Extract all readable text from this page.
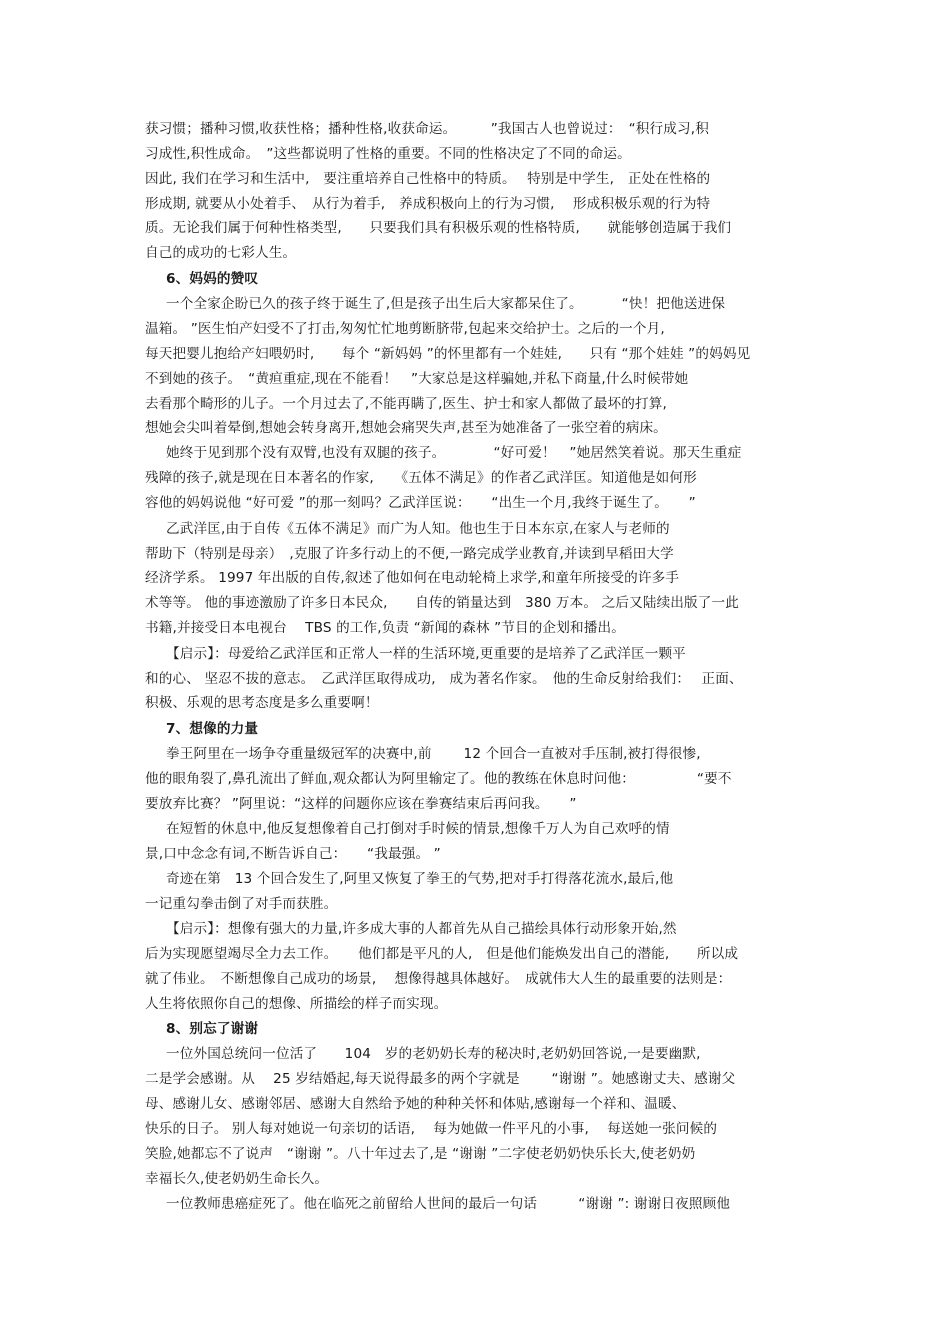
获习惯；播种习惯,收获性格；播种性格,收获命运。　　　”我国古人也曾说过：　“积行成习,积
习成性,积性成命。　”这些都说明了性格的重要。不同的性格决定了不同的命运。
因此, 我们在学习和生活中,　要注重培养自己性格中的特质。　 特别是中学生,　正处在性格的
形成期, 就要从小处着手、　从行为着手,　养成积极向上的行为习惯,　 形成积极乐观的行为特
质。无论我们属于何种性格类型,　　只要我们具有积极乐观的性格特质,　　就能够创造属于我们
自己的成功的七彩人生。
6、妈妈的赞叹
一个全家企盼已久的孩子终于诞生了,但是孩子出生后大家都呆住了。　　　 “快！把他送进保
温箱。 ”医生怕产妇受不了打击,匆匆忙忙地剪断脐带,包起来交给护士。之后的一个月,
每天把婴儿抱给产妇喂奶时,　　每个 “新妈妈 ”的怀里都有一个娃娃,　　只有 “那个娃娃 ”的妈妈见
不到她的孩子。　“黄疸重症,现在不能看！　”大家总是这样骗她,并私下商量,什么时候带她
去看那个畸形的儿子。一个月过去了,不能再瞒了,医生、护士和家人都做了最坏的打算,
想她会尖叫着晕倒,想她会转身离开,想她会痛哭失声,甚至为她准备了一张空着的病床。
她终于见到那个没有双臂,也没有双腿的孩子。　　　　“好可爱！　”她居然笑着说。那天生重症
残障的孩子,就是现在日本著名的作家,　　《五体不满足》的作者乙武洋匡。知道他是如何形
容他的妈妈说他 “好可爱 ”的那一刻吗？乙武洋匡说：　　“出生一个月,我终于诞生了。　　”
乙武洋匡,由于自传《五体不满足》而广为人知。他也生于日本东京,在家人与老师的
帮助下（特别是母亲）　,克服了许多行动上的不便,一路完成学业教育,并读到早稻田大学
经济学系。 1997 年出版的自传,叙述了他如何在电动轮椅上求学,和童年所接受的许多手
术等等。 他的事迹激励了许多日本民众,　　自传的销量达到　380 万本。 之后又陆续出版了一此
书籍,并接受日本电视台　 TBS 的工作,负责 “新闻的森林 ”节目的企划和播出。
【启示】：母爱给乙武洋匡和正常人一样的生活环境,更重要的是培养了乙武洋匡一颗平
和的心、 坚忍不拔的意志。　乙武洋匡取得成功,　成为著名作家。　他的生命反射给我们：　 正面、
积极、乐观的思考态度是多么重要啊！
7、想像的力量
拳王阿里在一场争夺重量级冠军的决赛中,前　　 12 个回合一直被对手压制,被打得很惨,
他的眼角裂了,鼻孔流出了鲜血,观众都认为阿里输定了。他的教练在休息时问他：　　　　　“要不
要放弃比赛？ ”阿里说：“这样的问题你应该在拳赛结束后再问我。　　”
在短暂的休息中,他反复想像着自己打倒对手时候的情景,想像千万人为自己欢呼的情
景,口中念念有词,不断告诉自己：　　“我最强。 ”
奇迹在第　13 个回合发生了,阿里又恢复了拳王的气势,把对手打得落花流水,最后,他
一记重勾拳击倒了对手而获胜。
【启示】：想像有强大的力量,许多成大事的人都首先从自己描绘具体行动形象开始,然
后为实现愿望竭尽全力去工作。　　他们都是平凡的人,　但是他们能焕发出自己的潜能,　　所以成
就了伟业。　不断想像自己成功的场景,　 想像得越具体越好。　成就伟大人生的最重要的法则是：
人生将依照你自己的想像、所描绘的样子而实现。
8、别忘了谢谢
一位外国总统问一位活了　　104　岁的老奶奶长寿的秘决时,老奶奶回答说,一是要幽默,
二是学会感谢。从　 25 岁结婚起,每天说得最多的两个字就是　　 “谢谢 ”。她感谢丈夫、感谢父
母、感谢儿女、感谢邻居、感谢大自然给予她的种种关怀和体贴,感谢每一个祥和、温暖、
快乐的日子。 别人每对她说一句亲切的话语,　 每为她做一件平凡的小事,　 每送她一张问候的
笑脸,她都忘不了说声　“谢谢 ”。八十年过去了,是 “谢谢 ”二字使老奶奶快乐长大,使老奶奶
幸福长久,使老奶奶生命长久。
一位教师患癌症死了。他在临死之前留给人世间的最后一句话　　　“谢谢 ”: 谢谢日夜照顾他
